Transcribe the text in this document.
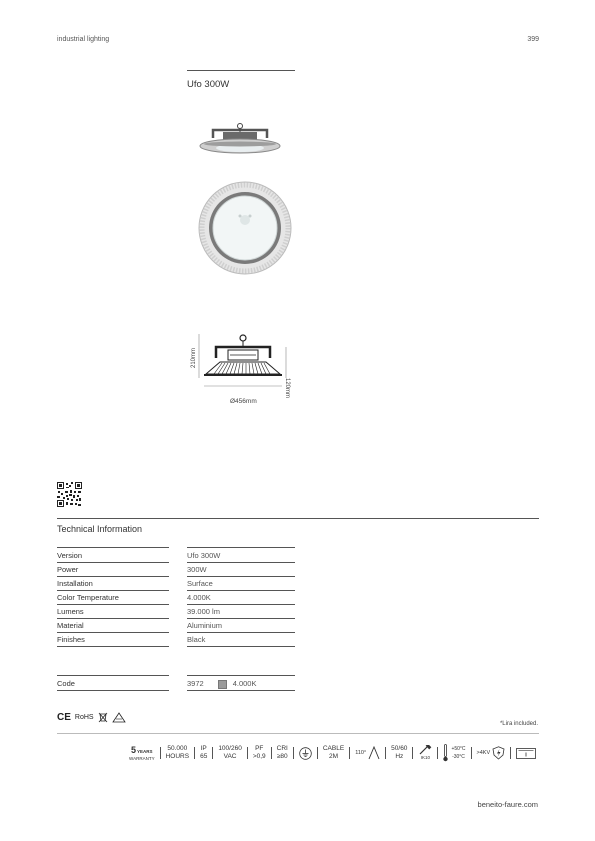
industrial lighting	399
Ufo 300W
210mm
120mm
Ø456mm
Technical Information
Version	Ufo 300W
Power	300W
Installation	Surface
Color Temperature	4.000K
Lumens	39.000 lm
Material	Aluminium
Finishes	Black
Code	3972	4.000K
CE RoHS
*Lira included.
5 YEARS
WARRANTY
50.000
HOURS
IP
65
100/260
VAC
PF
>0,9
CRI
≥80
CABLE
2M
110°
50/60
Hz	IK10
+50°C
-30°C
>4KV
beneito-faure.com
